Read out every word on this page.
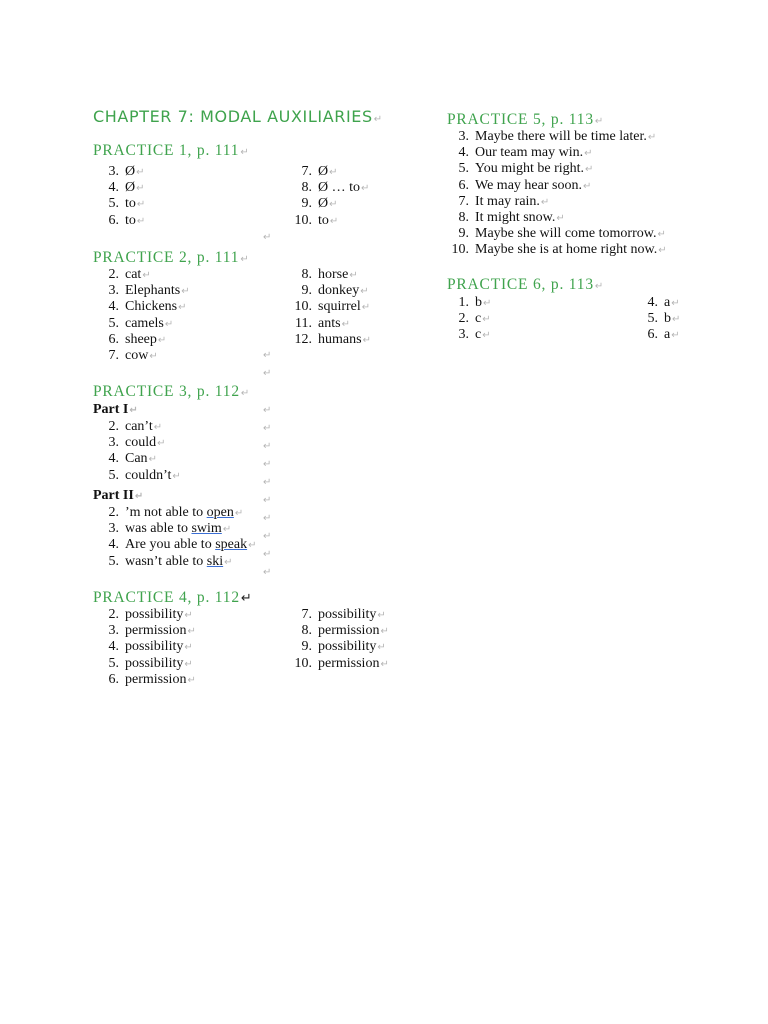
CHAPTER 7: MODAL AUXILIARIES↵
PRACTICE 1, p. 111↵
3. Ø↵
4. Ø↵
5. to↵
6. to↵
7. Ø↵
8. Ø … to↵
9. Ø↵
10. to↵
↵
PRACTICE 2, p. 111↵
2. cat↵
3. Elephants↵
4. Chickens↵
5. camels↵
6. sheep↵
7. cow↵
8. horse↵
9. donkey↵
10. squirrel↵
11. ants↵
12. humans↵
↵
↵
PRACTICE 3, p. 112↵
Part I↵
2. can’t↵
3. could↵
4. Can↵
5. couldn’t↵
Part II↵
2. ’m not able to open↵
3. was able to swim↵
4. Are you able to speak↵
5. wasn’t able to ski↵
↵
↵
↵
↵
↵
↵
↵
↵
↵
↵
PRACTICE 4, p. 112↵
2. possibility↵
3. permission↵
4. possibility↵
5. possibility↵
6. permission↵
7. possibility↵
8. permission↵
9. possibility↵
10. permission↵
PRACTICE 5, p. 113↵
3. Maybe there will be time later.↵
4. Our team may win.↵
5. You might be right.↵
6. We may hear soon.↵
7. It may rain.↵
8. It might snow.↵
9. Maybe she will come tomorrow.↵
10. Maybe she is at home right now.↵
PRACTICE 6, p. 113↵
1. b↵
2. c↵
3. c↵
4. a↵
5. b↵
6. a↵
